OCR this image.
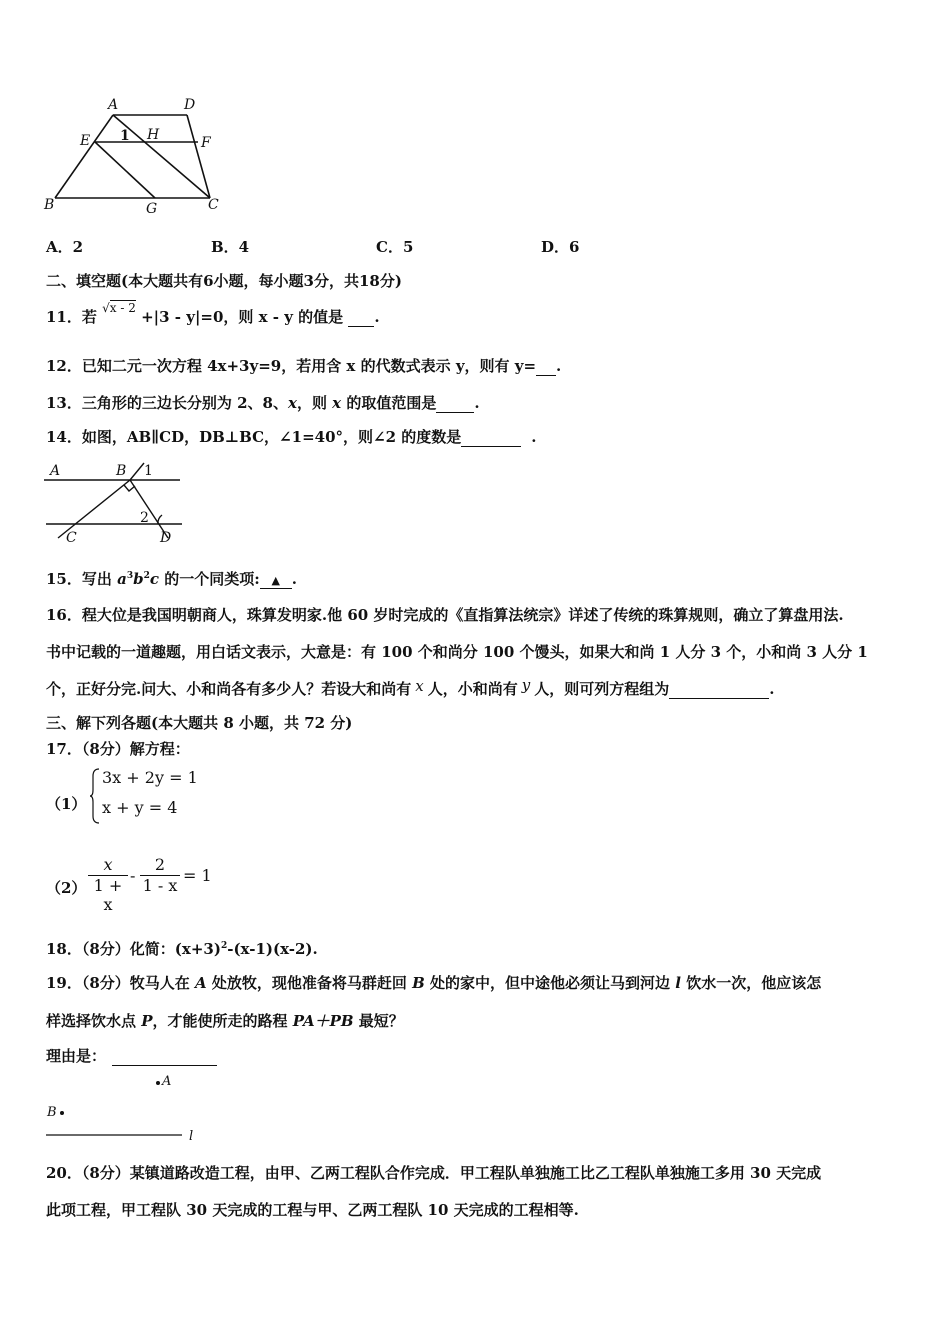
A	D
E 1 H	F
B	G	C
A．2	B．4	C．5	D．6
二、填空题(本大题共有6小题，每小题3分，共18分)
11．若 √x - 2 +|3 - y|=0，则 x - y 的值是 .
12．已知二元一次方程 4x+3y=9，若用含 x 的代数式表示 y，则有 y= .
13．三角形的三边长分别为 2、8、x，则 x 的取值范围是	.
14．如图，AB∥CD，DB⊥BC，∠1=40°，则∠2 的度数是	.
A	B 1
2
C	D
15．写出 $a^3b^2c$ 的一个同类项: ▲ .
16．程大位是我国明朝商人，珠算发明家.他 60 岁时完成的《直指算法统宗》详述了传统的珠算规则，确立了算盘用法.
书中记载的一道趣题，用白话文表示，大意是：有 100 个和尚分 100 个馒头，如果大和尚 1 人分 3 个，小和尚 3 人分 1
个，正好分完.问大、小和尚各有多少人？若设大和尚有 x 人，小和尚有 y 人，则可列方程组为	.
三、解下列各题(本大题共 8 小题，共 72 分)
17．（8分）解方程：
（1）
3x + 2y = 1
x + y = 4
（2）
x
1 + x
-
2
1 - x
= 1
18．（8分）化简：$(x+3)^2-(x-1)(x-2)$.
19．（8分）牧马人在 A 处放牧，现他准备将马群赶回 B 处的家中，但中途他必须让马到河边 l 饮水一次，他应该怎
样选择饮水点 P，才能使所走的路程 PA＋PB 最短？
理由是：
A
B
l
20．（8分）某镇道路改造工程，由甲、乙两工程队合作完成．甲工程队单独施工比乙工程队单独施工多用 30 天完成
此项工程，甲工程队 30 天完成的工程与甲、乙两工程队 10 天完成的工程相等.
